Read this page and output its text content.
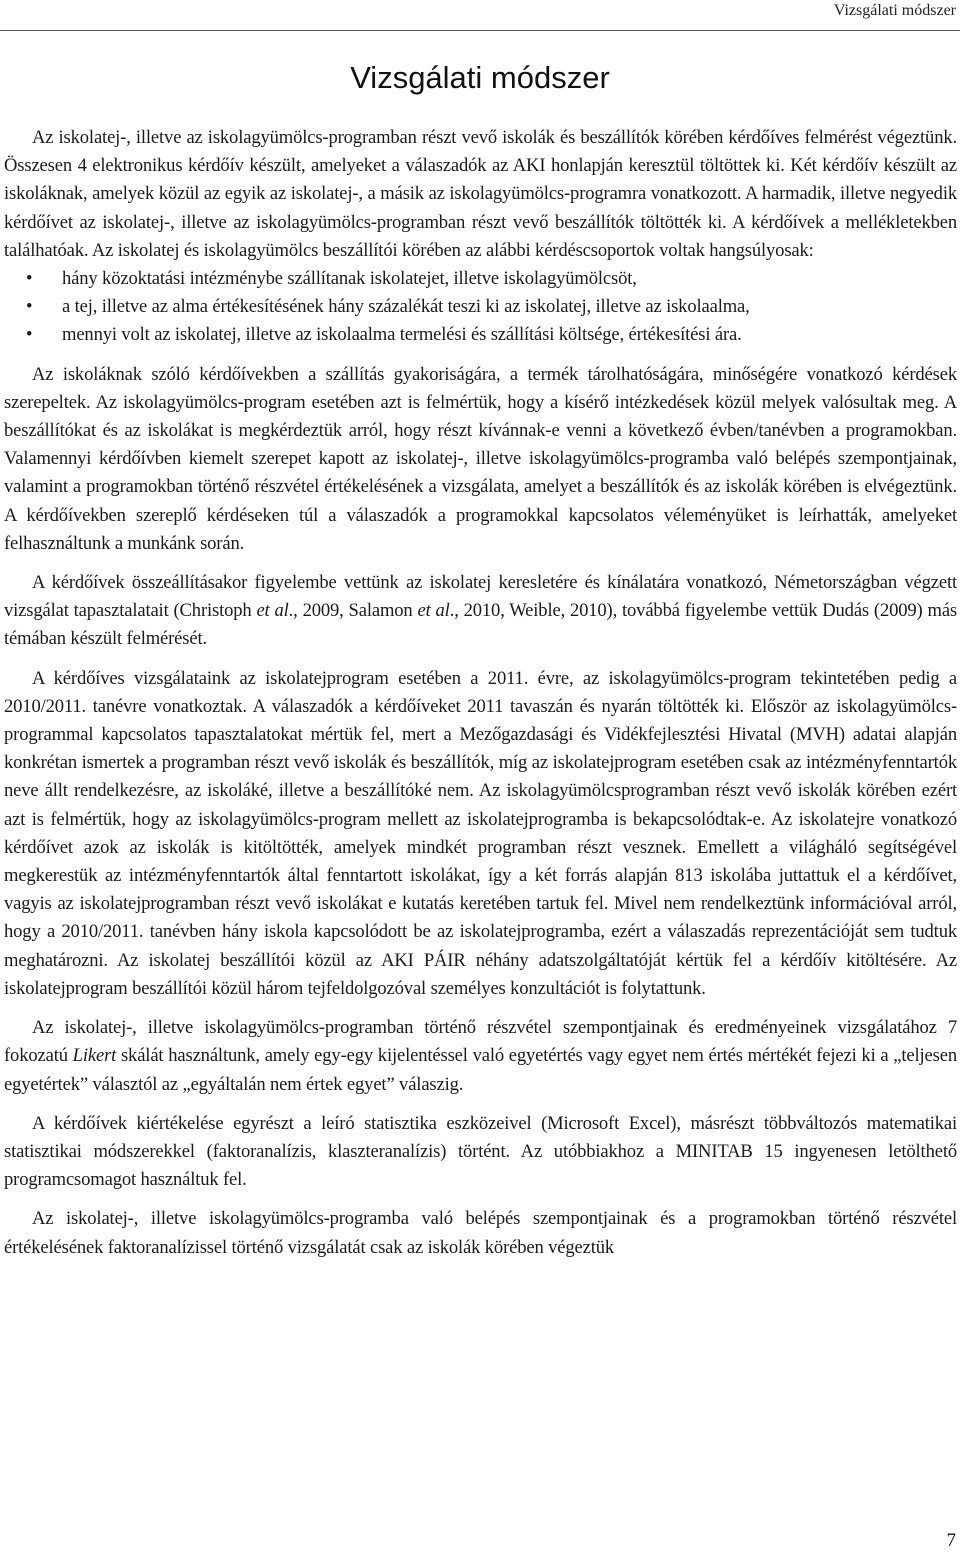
Vizsgálati módszer
Vizsgálati módszer

Az iskolatej-, illetve az iskolagyümölcs-programban részt vevő iskolák és beszállítók körében kérdőíves felmérést végeztünk. Összesen 4 elektronikus kérdőív készült, amelyeket a válaszadók az AKI honlapján keresztül töltöttek ki. Két kérdőív készült az iskoláknak, amelyek közül az egyik az iskolatej-, a másik az iskolagyümölcs-programra vonatkozott. A harmadik, illetve negyedik kérdőívet az iskolatej-, illetve az iskolagyümölcs-programban részt vevő beszállítók töltötték ki. A kérdőívek a mellékletekben találhatóak. Az iskolatej és iskolagyümölcs beszállítói körében az alábbi kérdéscsoportok voltak hangsúlyosak:

• hány közoktatási intézménybe szállítanak iskolatejet, illetve iskolagyümölcsöt,
• a tej, illetve az alma értékesítésének hány százalékát teszi ki az iskolatej, illetve az iskolaalma,
• mennyi volt az iskolatej, illetve az iskolaalma termelési és szállítási költsége, értékesítési ára.

Az iskoláknak szóló kérdőívekben a szállítás gyakoriságára, a termék tárolhatóságára, minőségére vonatkozó kérdések szerepeltek. Az iskolagyümölcs-program esetében azt is felmértük, hogy a kísérő intézkedések közül melyek valósultak meg. A beszállítókat és az iskolákat is megkérdeztük arról, hogy részt kívánnak-e venni a következő évben/tanévben a programokban. Valamennyi kérdőívben kiemelt szerepet kapott az iskolatej-, illetve iskolagyümölcs-programba való belépés szempontjainak, valamint a programokban történő részvétel értékelésének a vizsgálata, amelyet a beszállítók és az iskolák körében is elvégeztünk. A kérdőívekben szereplő kérdéseken túl a válaszadók a programokkal kapcsolatos véleményüket is leírhatták, amelyeket felhasználtunk a munkánk során.

A kérdőívek összeállításakor figyelembe vettünk az iskolatej keresletére és kínálatára vonatkozó, Németországban végzett vizsgálat tapasztalatait (Christoph et al., 2009, Salamon et al., 2010, Weible, 2010), továbbá figyelembe vettük Dudás (2009) más témában készült felmérését.

A kérdőíves vizsgálataink az iskolatejprogram esetében a 2011. évre, az iskolagyümölcs-program tekintetében pedig a 2010/2011. tanévre vonatkoztak. A válaszadók a kérdőíveket 2011 tavaszán és nyarán töltötték ki. Először az iskolagyümölcs-programmal kapcsolatos tapasztalatokat mértük fel, mert a Mezőgazdasági és Vidékfejlesztési Hivatal (MVH) adatai alapján konkrétan ismertek a programban részt vevő iskolák és beszállítók, míg az iskolatejprogram esetében csak az intézményfenntartók neve állt rendelkezésre, az iskoláké, illetve a beszállítóké nem. Az iskolagyümölcsprogramban részt vevő iskolák körében ezért azt is felmértük, hogy az iskolagyümölcs-program mellett az iskolatejprogramba is bekapcsolódtak-e. Az iskolatejre vonatkozó kérdőívet azok az iskolák is kitöltötték, amelyek mindkét programban részt vesznek. Emellett a világháló segítségével megkerestük az intézményfenntartók által fenntartott iskolákat, így a két forrás alapján 813 iskolába juttattuk el a kérdőívet, vagyis az iskolatejprogramban részt vevő iskolákat e kutatás keretében tartuk fel. Mivel nem rendelkeztünk információval arról, hogy a 2010/2011. tanévben hány iskola kapcsolódott be az iskolatejprogramba, ezért a válaszadás reprezentációját sem tudtuk meghatározni. Az iskolatej beszállítói közül az AKI PÁIR néhány adatszolgáltatóját kértük fel a kérdőív kitöltésére. Az iskolatejprogram beszállítói közül három tejfeldolgozóval személyes konzultációt is folytattunk.

Az iskolatej-, illetve iskolagyümölcs-programban történő részvétel szempontjainak és eredményeinek vizsgálatához 7 fokozatú Likert skálát használtunk, amely egy-egy kijelentéssel való egyetértés vagy egyet nem értés mértékét fejezi ki a „teljesen egyetértek” választól az „egyáltalán nem értek egyet” válaszig.

A kérdőívek kiértékelése egyrészt a leíró statisztika eszközeivel (Microsoft Excel), másrészt többváltozós matematikai statisztikai módszerekkel (faktoranalízis, klaszteranalízis) történt. Az utóbbiakhoz a MINITAB 15 ingyenesen letölthető programcsomagot használtuk fel.

Az iskolatej-, illetve iskolagyümölcs-programba való belépés szempontjainak és a programokban történő részvétel értékelésének faktoranalízissel történő vizsgálatát csak az iskolák körében végeztük

7
